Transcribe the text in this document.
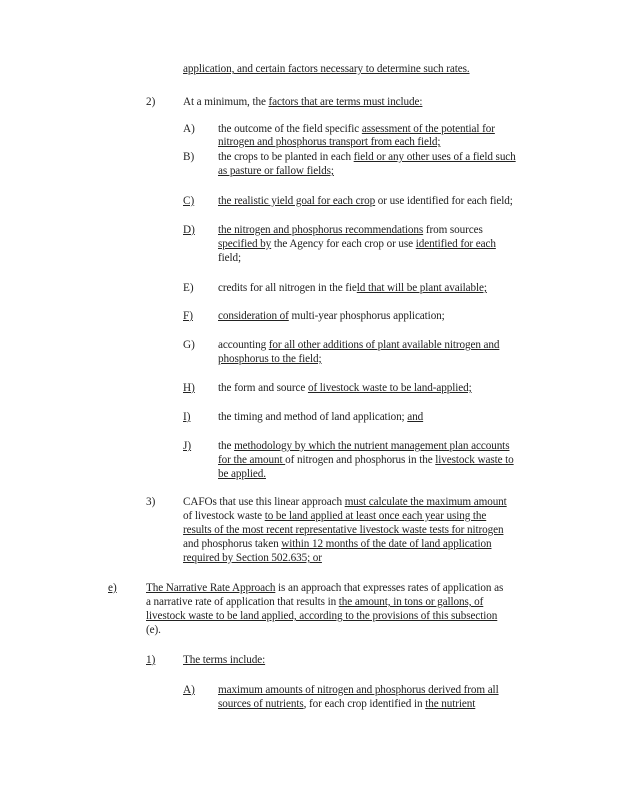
application, and certain factors necessary to determine such rates.
2) At a minimum, the factors that are terms must include:
A) the outcome of the field specific assessment of the potential for
nitrogen and phosphorus transport from each field;
B) the crops to be planted in each field or any other uses of a field such
as pasture or fallow fields;
C) the realistic yield goal for each crop or use identified for each field;
D) the nitrogen and phosphorus recommendations from sources
specified by the Agency for each crop or use identified for each
field;
E) credits for all nitrogen in the field that will be plant available;
F) consideration of multi-year phosphorus application;
G) accounting for all other additions of plant available nitrogen and
phosphorus to the field;
H) the form and source of livestock waste to be land-applied;
I) the timing and method of land application; and
J) the methodology by which the nutrient management plan accounts
for the amount of nitrogen and phosphorus in the livestock waste to
be applied.
3) CAFOs that use this linear approach must calculate the maximum amount
of livestock waste to be land applied at least once each year using the
results of the most recent representative livestock waste tests for nitrogen
and phosphorus taken within 12 months of the date of land application
required by Section 502.635; or
e)	The Narrative Rate Approach is an approach that expresses rates of application as
a narrative rate of application that results in the amount, in tons or gallons, of
livestock waste to be land applied, according to the provisions of this subsection
(e).
1) The terms include:
A) maximum amounts of nitrogen and phosphorus derived from all
sources of nutrients, for each crop identified in the nutrient
